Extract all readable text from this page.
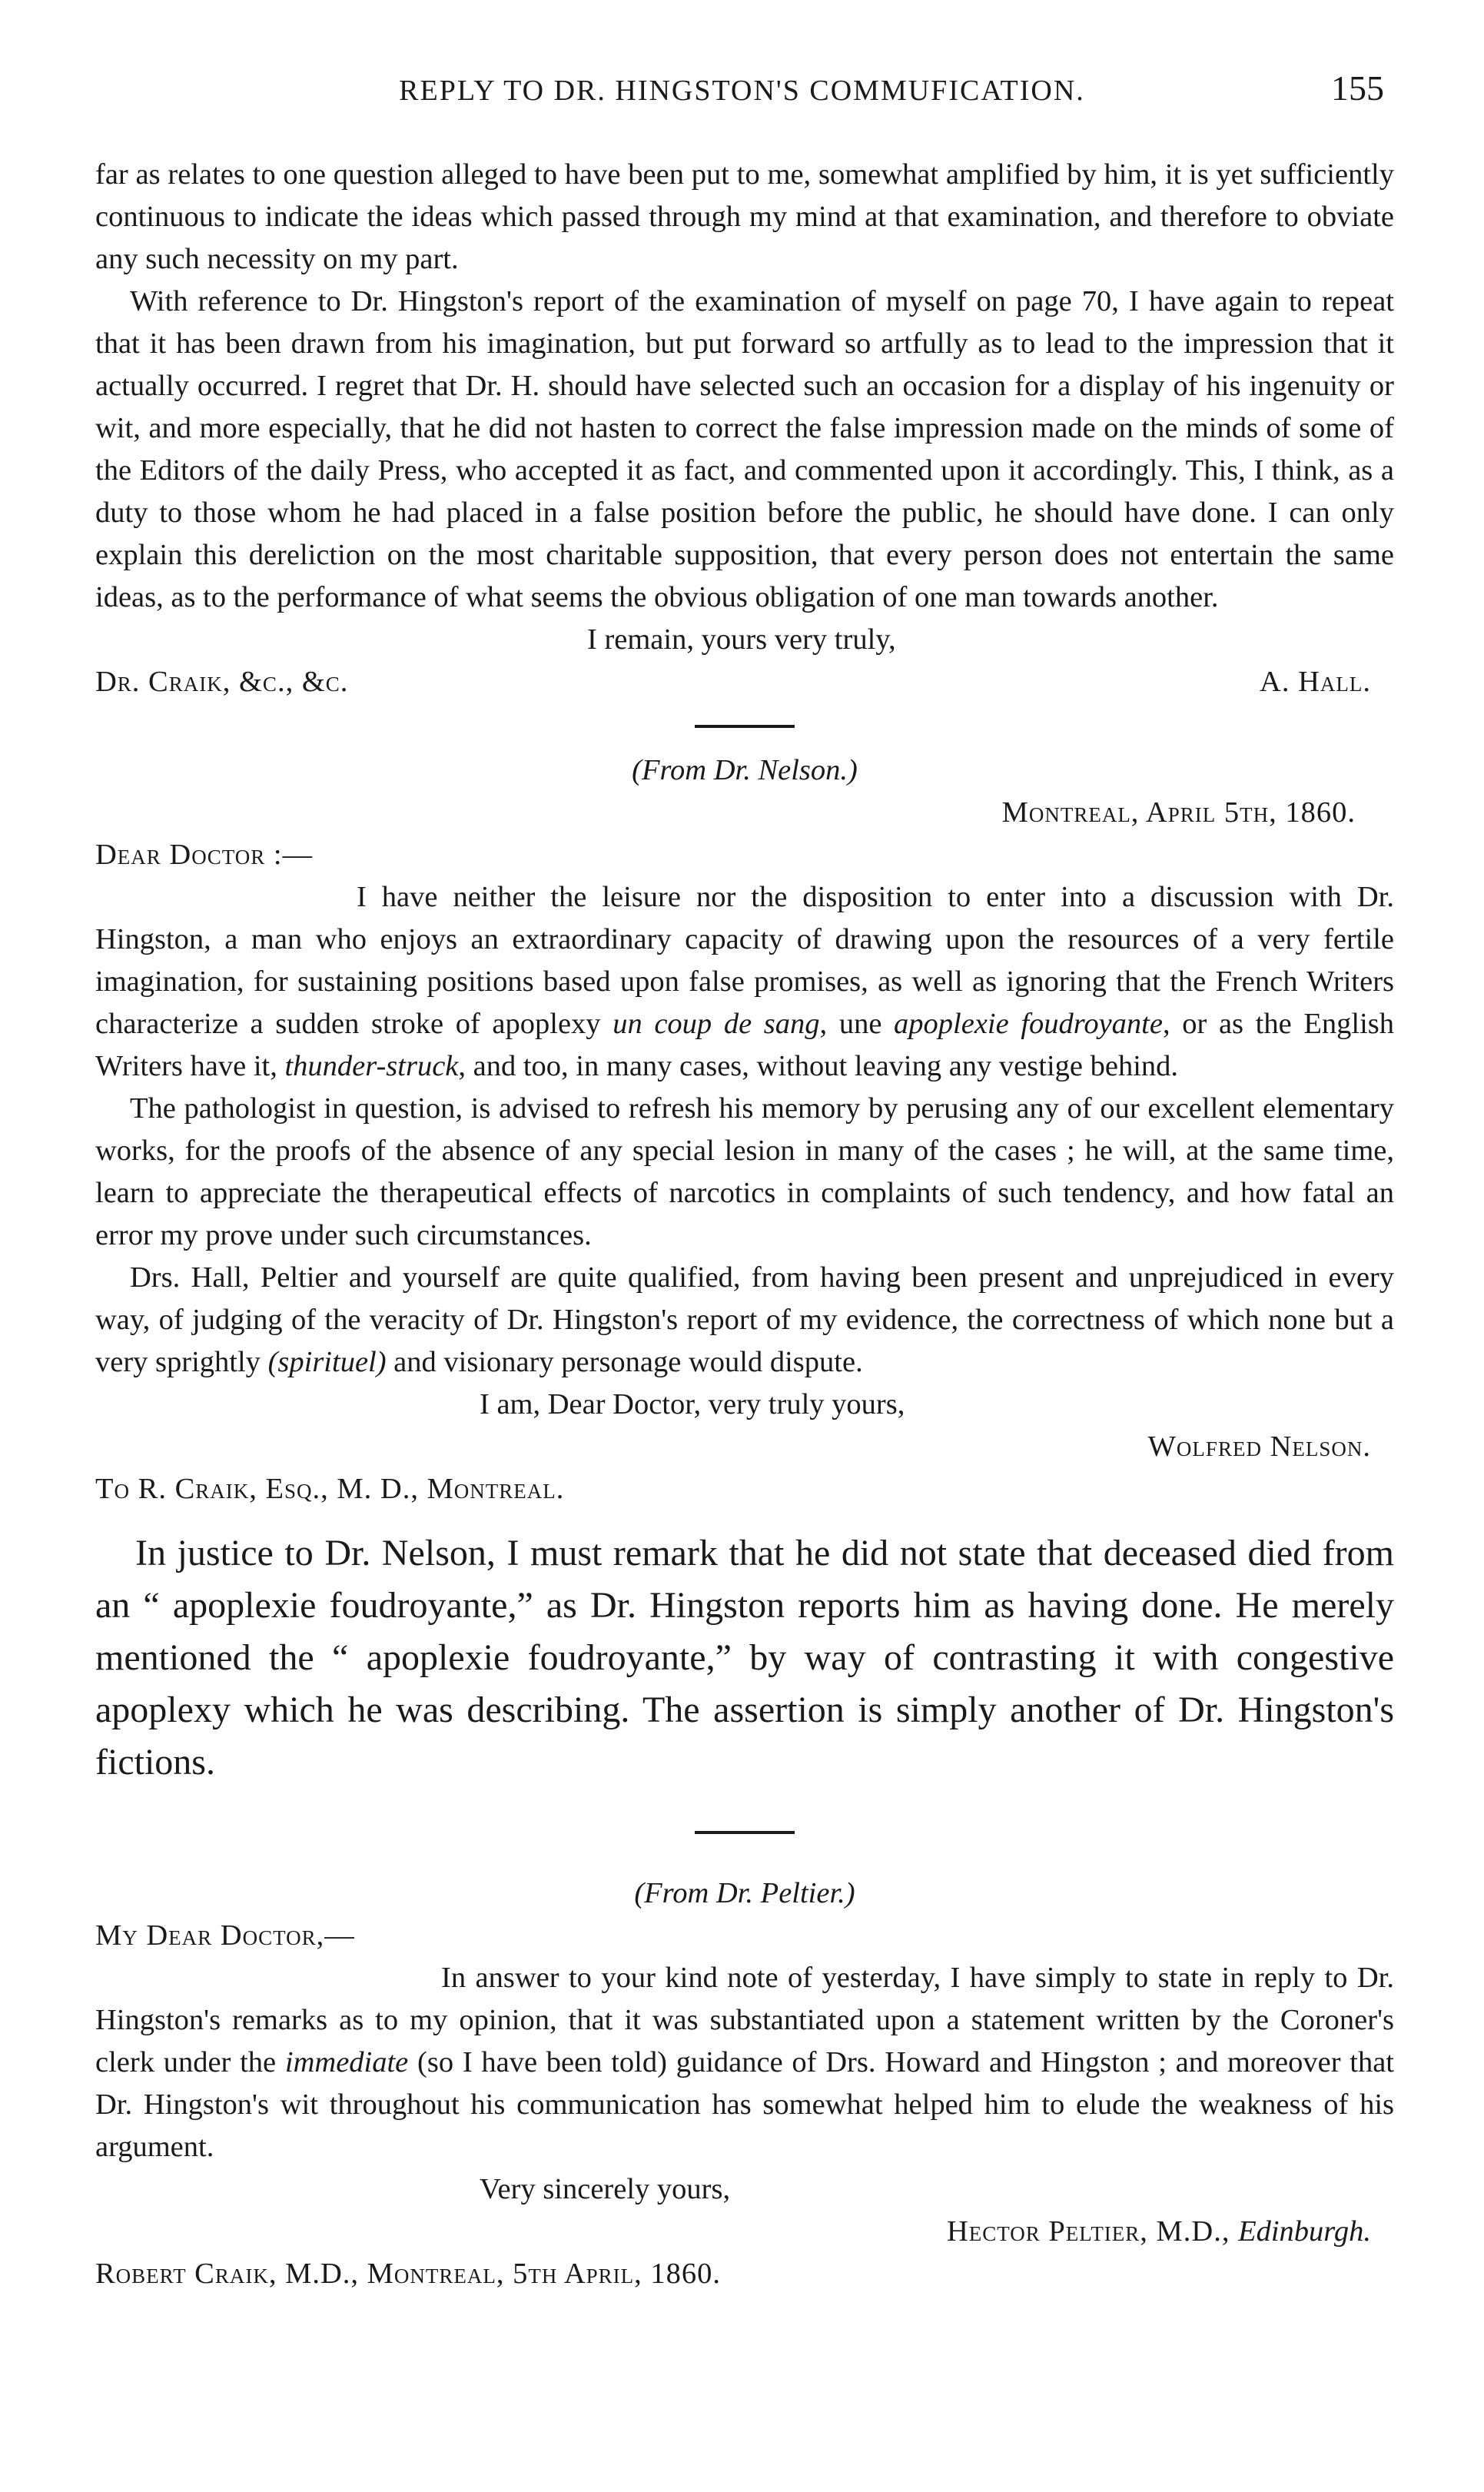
REPLY TO DR. HINGSTON'S COMMUFICATION.	155

far as relates to one question alleged to have been put to me, somewhat amplified by him, it is yet sufficiently continuous to indicate the ideas which passed through my mind at that examination, and therefore to obviate any such necessity on my part.

With reference to Dr. Hingston's report of the examination of myself on page 70, I have again to repeat that it has been drawn from his imagination, but put forward so artfully as to lead to the impression that it actually occurred. I regret that Dr. H. should have selected such an occasion for a display of his ingenuity or wit, and more especially, that he did not hasten to correct the false impression made on the minds of some of the Editors of the daily Press, who accepted it as fact, and commented upon it accordingly. This, I think, as a duty to those whom he had placed in a false position before the public, he should have done. I can only explain this dereliction on the most charitable supposition, that every person does not entertain the same ideas, as to the performance of what seems the obvious obligation of one man towards another.

I remain, yours very truly,
Dr. Craik, &c., &c.	A. Hall.
(From Dr. Nelson.)
Montreal, April 5th, 1860.
Dear Doctor :—

I have neither the leisure nor the disposition to enter into a discussion with Dr. Hingston, a man who enjoys an extraordinary capacity of drawing upon the resources of a very fertile imagination, for sustaining positions based upon false promises, as well as ignoring that the French Writers characterize a sudden stroke of apoplexy un coup de sang, une apoplexie foudroyante, or as the English Writers have it, thunder-struck, and too, in many cases, without leaving any vestige behind.

The pathologist in question, is advised to refresh his memory by perusing any of our excellent elementary works, for the proofs of the absence of any special lesion in many of the cases ; he will, at the same time, learn to appreciate the therapeutical effects of narcotics in complaints of such tendency, and how fatal an error my prove under such circumstances.

Drs. Hall, Peltier and yourself are quite qualified, from having been present and unprejudiced in every way, of judging of the veracity of Dr. Hingston's report of my evidence, the correctness of which none but a very sprightly (spirituel) and visionary personage would dispute.

I am, Dear Doctor, very truly yours,
Wolfred Nelson.
To R. Craik, Esq., M. D., Montreal.

In justice to Dr. Nelson, I must remark that he did not state that deceased died from an “ apoplexie foudroyante,” as Dr. Hingston reports him as having done. He merely mentioned the “ apoplexie foudroyante,” by way of contrasting it with congestive apoplexy which he was describing. The assertion is simply another of Dr. Hingston's fictions.

(From Dr. Peltier.)
My Dear Doctor,—

In answer to your kind note of yesterday, I have simply to state in reply to Dr. Hingston's remarks as to my opinion, that it was substantiated upon a statement written by the Coroner's clerk under the immediate (so I have been told) guidance of Drs. Howard and Hingston ; and moreover that Dr. Hingston's wit throughout his communication has somewhat helped him to elude the weakness of his argument.

Very sincerely yours,
Hector Peltier, M.D., Edinburgh.
Robert Craik, M.D., Montreal, 5th April, 1860.
